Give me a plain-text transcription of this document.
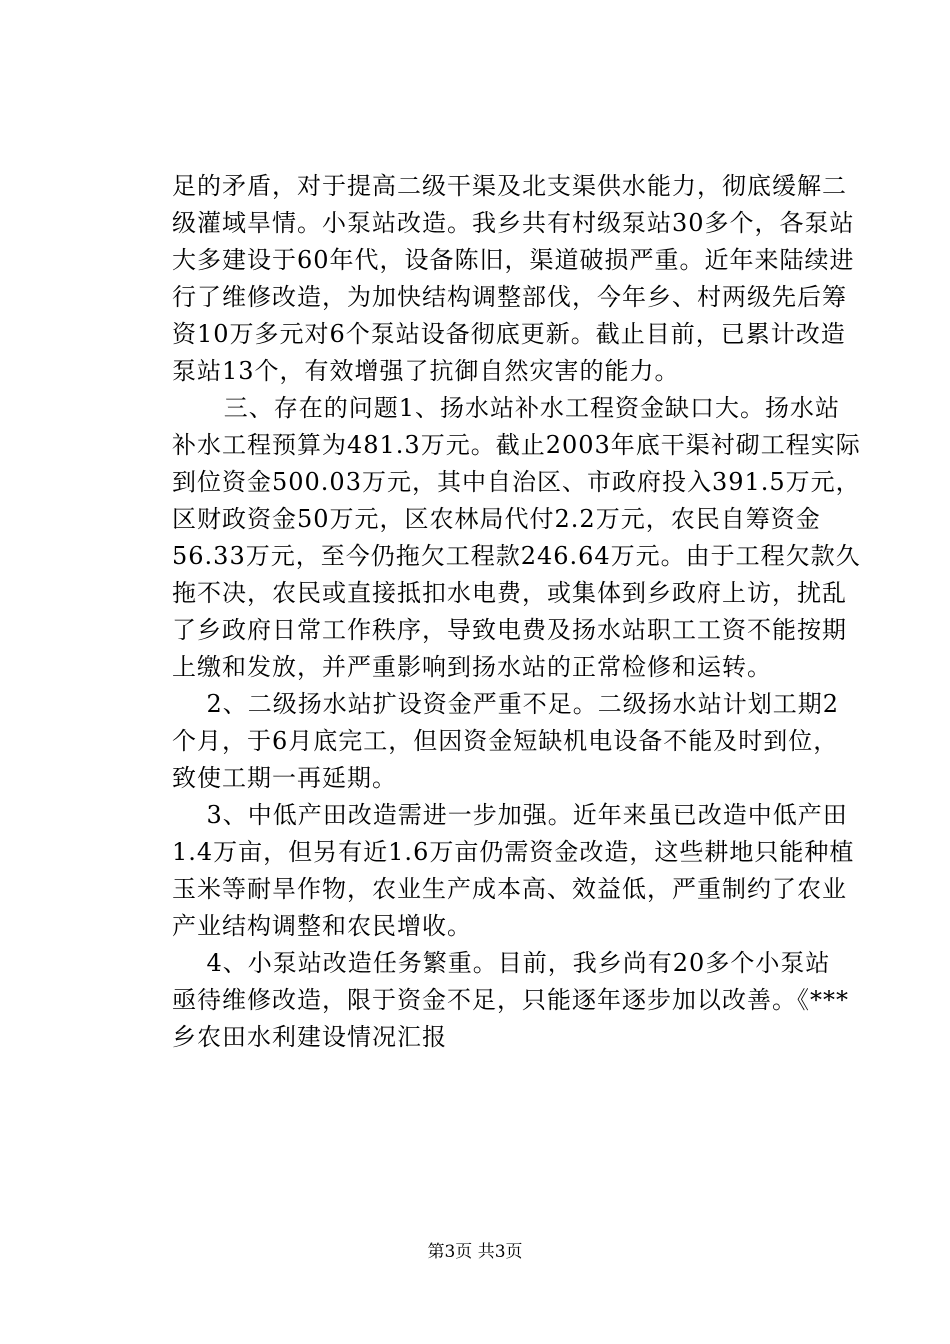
足的矛盾，对于提高二级干渠及北支渠供水能力，彻底缓解二
级灌域旱情。小泵站改造。我乡共有村级泵站30多个，各泵站
大多建设于60年代，设备陈旧，渠道破损严重。近年来陆续进
行了维修改造，为加快结构调整部伐，今年乡、村两级先后筹
资10万多元对6个泵站设备彻底更新。截止目前，已累计改造
泵站13个，有效增强了抗御自然灾害的能力。
三、存在的问题1、扬水站补水工程资金缺口大。扬水站
补水工程预算为481.3万元。截止2003年底干渠衬砌工程实际
到位资金500.03万元，其中自治区、市政府投入391.5万元，
区财政资金50万元，区农林局代付2.2万元，农民自筹资金
56.33万元，至今仍拖欠工程款246.64万元。由于工程欠款久
拖不决，农民或直接抵扣水电费，或集体到乡政府上访，扰乱
了乡政府日常工作秩序，导致电费及扬水站职工工资不能按期
上缴和发放，并严重影响到扬水站的正常检修和运转。
2、二级扬水站扩设资金严重不足。二级扬水站计划工期2
个月，于6月底完工，但因资金短缺机电设备不能及时到位，
致使工期一再延期。
3、中低产田改造需进一步加强。近年来虽已改造中低产田
1.4万亩，但另有近1.6万亩仍需资金改造，这些耕地只能种植
玉米等耐旱作物，农业生产成本高、效益低，严重制约了农业
产业结构调整和农民增收。
4、小泵站改造任务繁重。目前，我乡尚有20多个小泵站
亟待维修改造，限于资金不足，只能逐年逐步加以改善。《***
乡农田水利建设情况汇报
第3页 共3页
